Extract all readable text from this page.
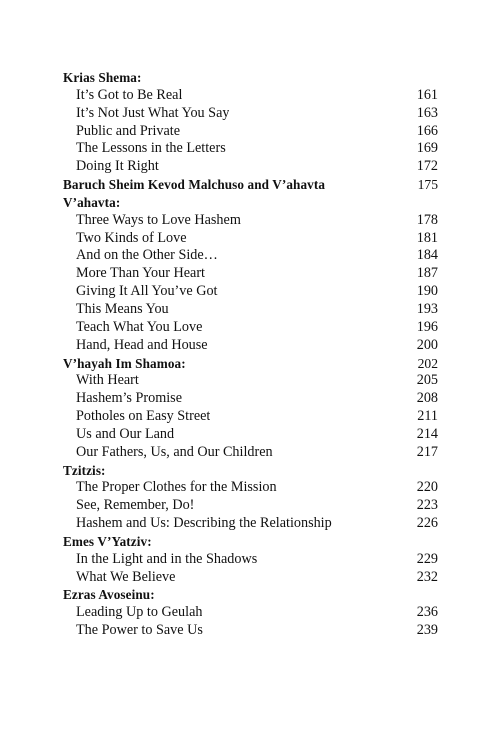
Krias Shema:
It’s Got to Be Real	161
It’s Not Just What You Say	163
Public and Private	166
The Lessons in the Letters	169
Doing It Right	172
Baruch Sheim Kevod Malchuso and V’ahavta	175
V’ahavta:
Three Ways to Love Hashem	178
Two Kinds of Love	181
And on the Other Side…	184
More Than Your Heart	187
Giving It All You’ve Got	190
This Means You	193
Teach What You Love	196
Hand, Head and House	200
V’hayah Im Shamoa:	202
With Heart	205
Hashem’s Promise	208
Potholes on Easy Street	211
Us and Our Land	214
Our Fathers, Us, and Our Children	217
Tzitzis:
The Proper Clothes for the Mission	220
See, Remember, Do!	223
Hashem and Us: Describing the Relationship	226
Emes V’Yatziv:
In the Light and in the Shadows	229
What We Believe	232
Ezras Avoseinu:
Leading Up to Geulah	236
The Power to Save Us	239
